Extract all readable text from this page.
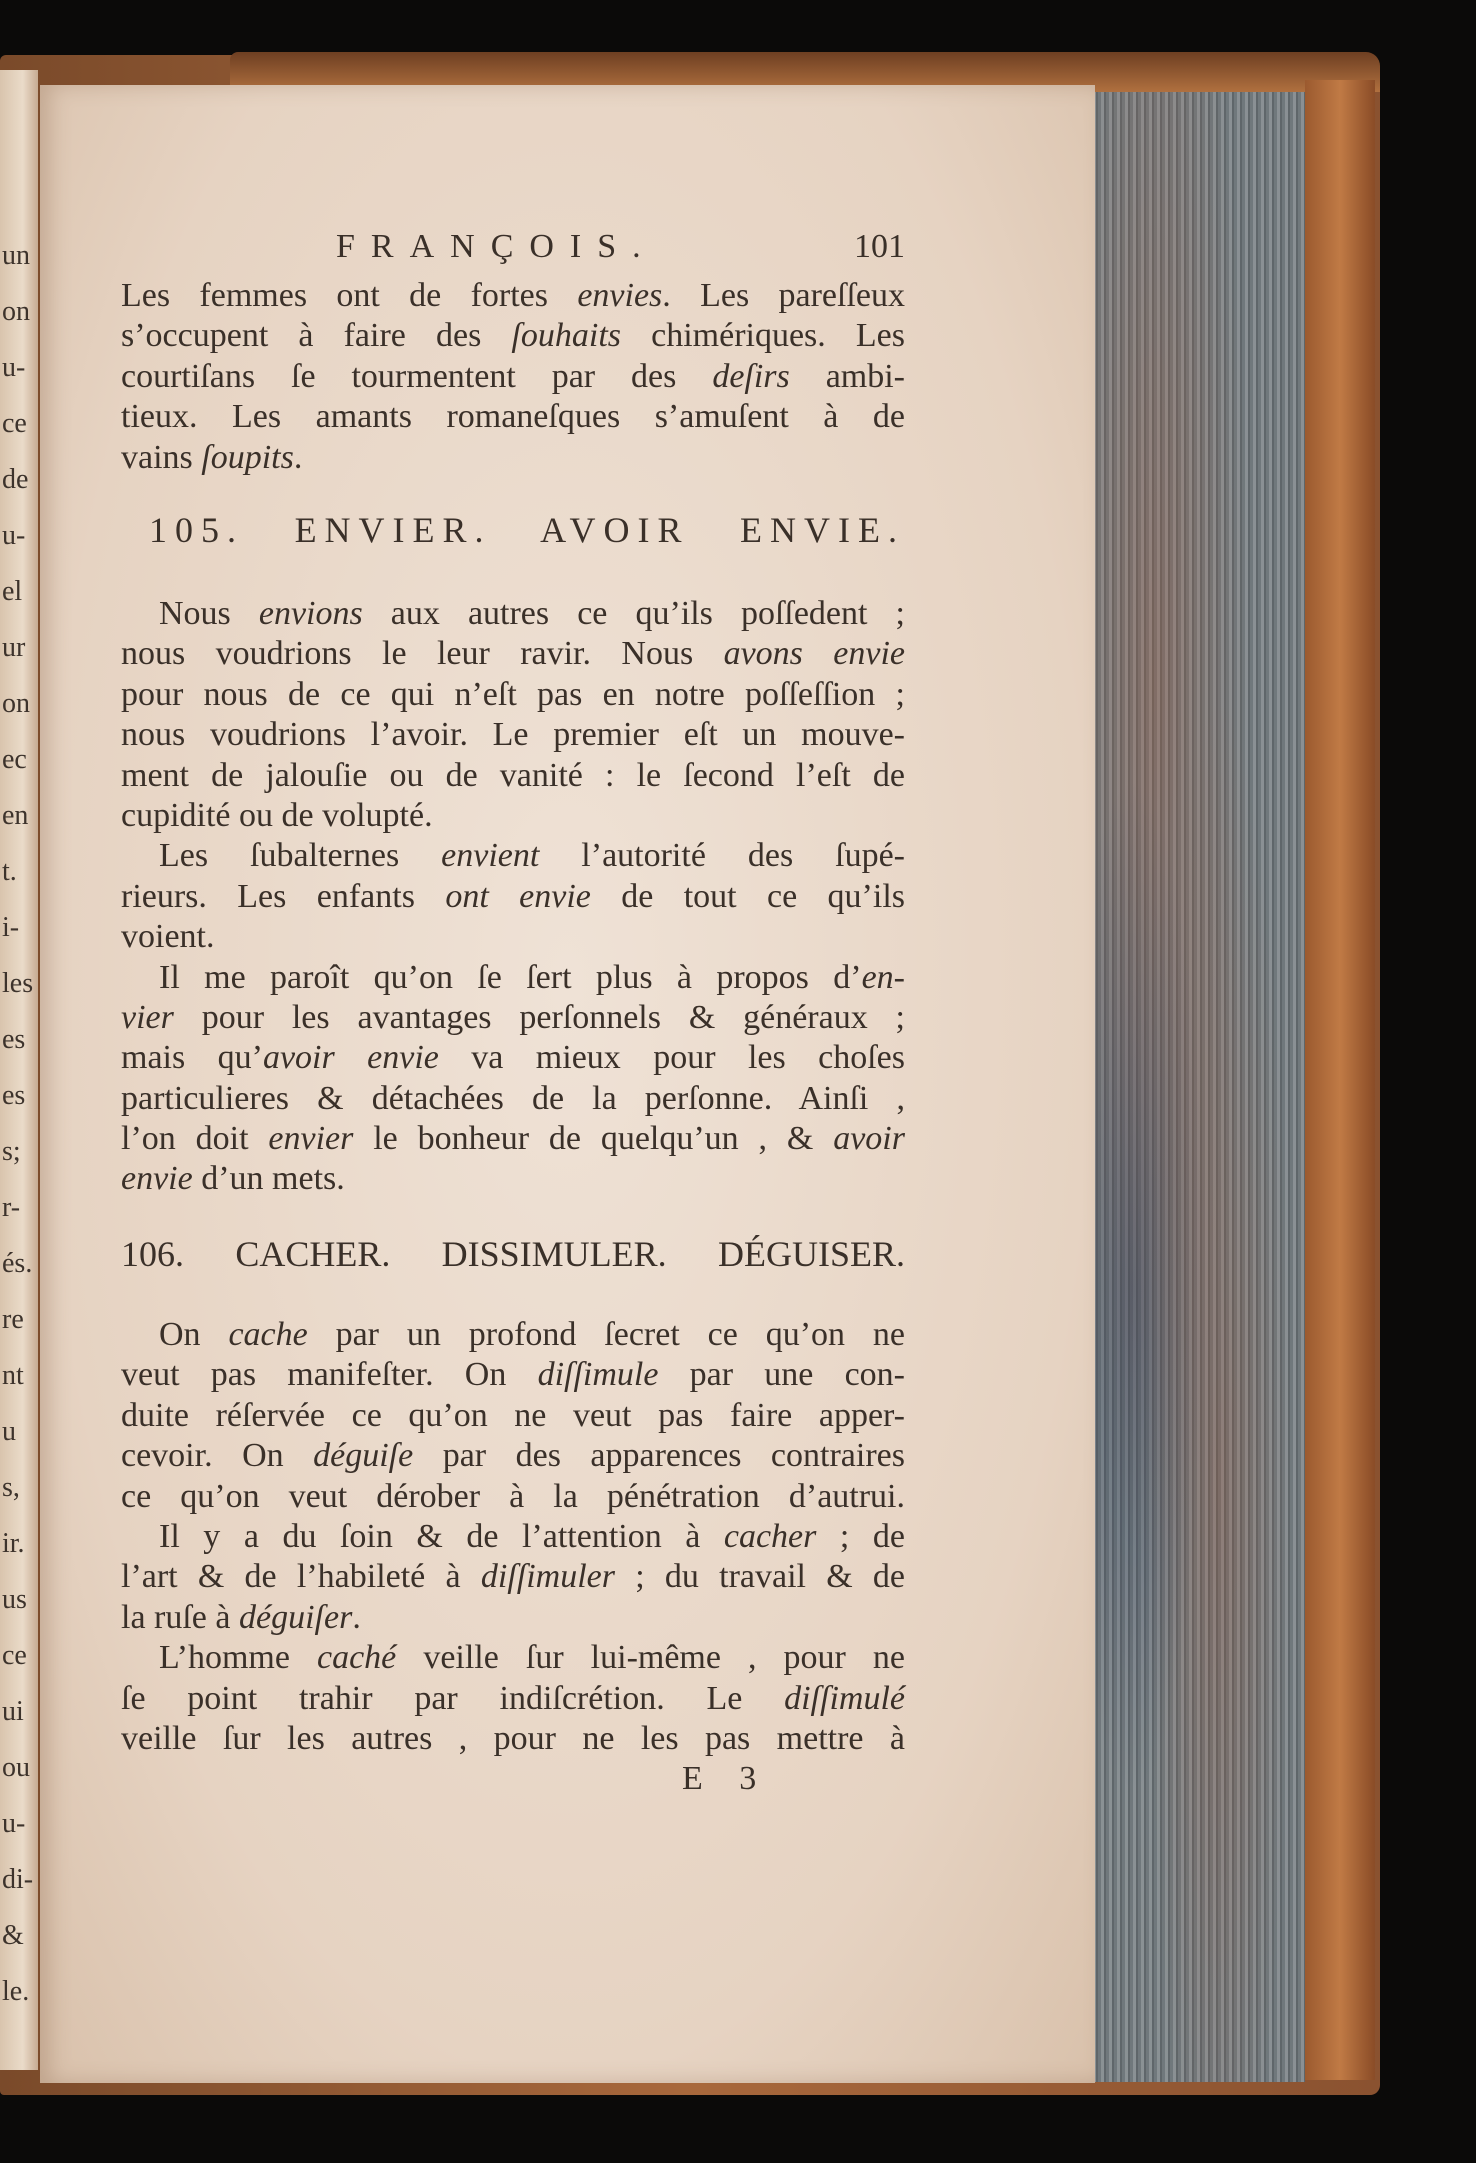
un
on
u-
ce
de
u-
el
ur
on
ec
en
t.
i-
les
es
es
s;
r-
és.
re
nt
u
s,
ir.
us
ce
ui
ou
u-
di-
&
le.
FRANÇOIS.	101
Les femmes ont de fortes envies. Les pareſſeux
s’occupent à faire des ſouhaits chimériques. Les
courtiſans ſe tourmentent par des deſirs ambi-
tieux. Les amants romaneſques s’amuſent à de
vains ſoupits.
105. ENVIER. AVOIR ENVIE.
Nous envions aux autres ce qu’ils poſſedent ;
nous voudrions le leur ravir. Nous avons envie
pour nous de ce qui n’eſt pas en notre poſſeſſion ;
nous voudrions l’avoir. Le premier eſt un mouve-
ment de jalouſie ou de vanité : le ſecond l’eſt de
cupidité ou de volupté.
Les ſubalternes envient l’autorité des ſupé-
rieurs. Les enfants ont envie de tout ce qu’ils
voient.
Il me paroît qu’on ſe ſert plus à propos d’en-
vier pour les avantages perſonnels & généraux ;
mais qu’avoir envie va mieux pour les choſes
particulieres & détachées de la perſonne. Ainſi ,
l’on doit envier le bonheur de quelqu’un , & avoir
envie d’un mets.
106. CACHER. DISSIMULER. DÉGUISER.
On cache par un profond ſecret ce qu’on ne
veut pas manifeſter. On diſſimule par une con-
duite réſervée ce qu’on ne veut pas faire apper-
cevoir. On déguiſe par des apparences contraires
ce qu’on veut dérober à la pénétration d’autrui.
Il y a du ſoin & de l’attention à cacher ; de
l’art & de l’habileté à diſſimuler ; du travail & de
la ruſe à déguiſer.
L’homme caché veille ſur lui-même , pour ne
ſe point trahir par indiſcrétion. Le diſſimulé
veille ſur les autres , pour ne les pas mettre à
E 3
